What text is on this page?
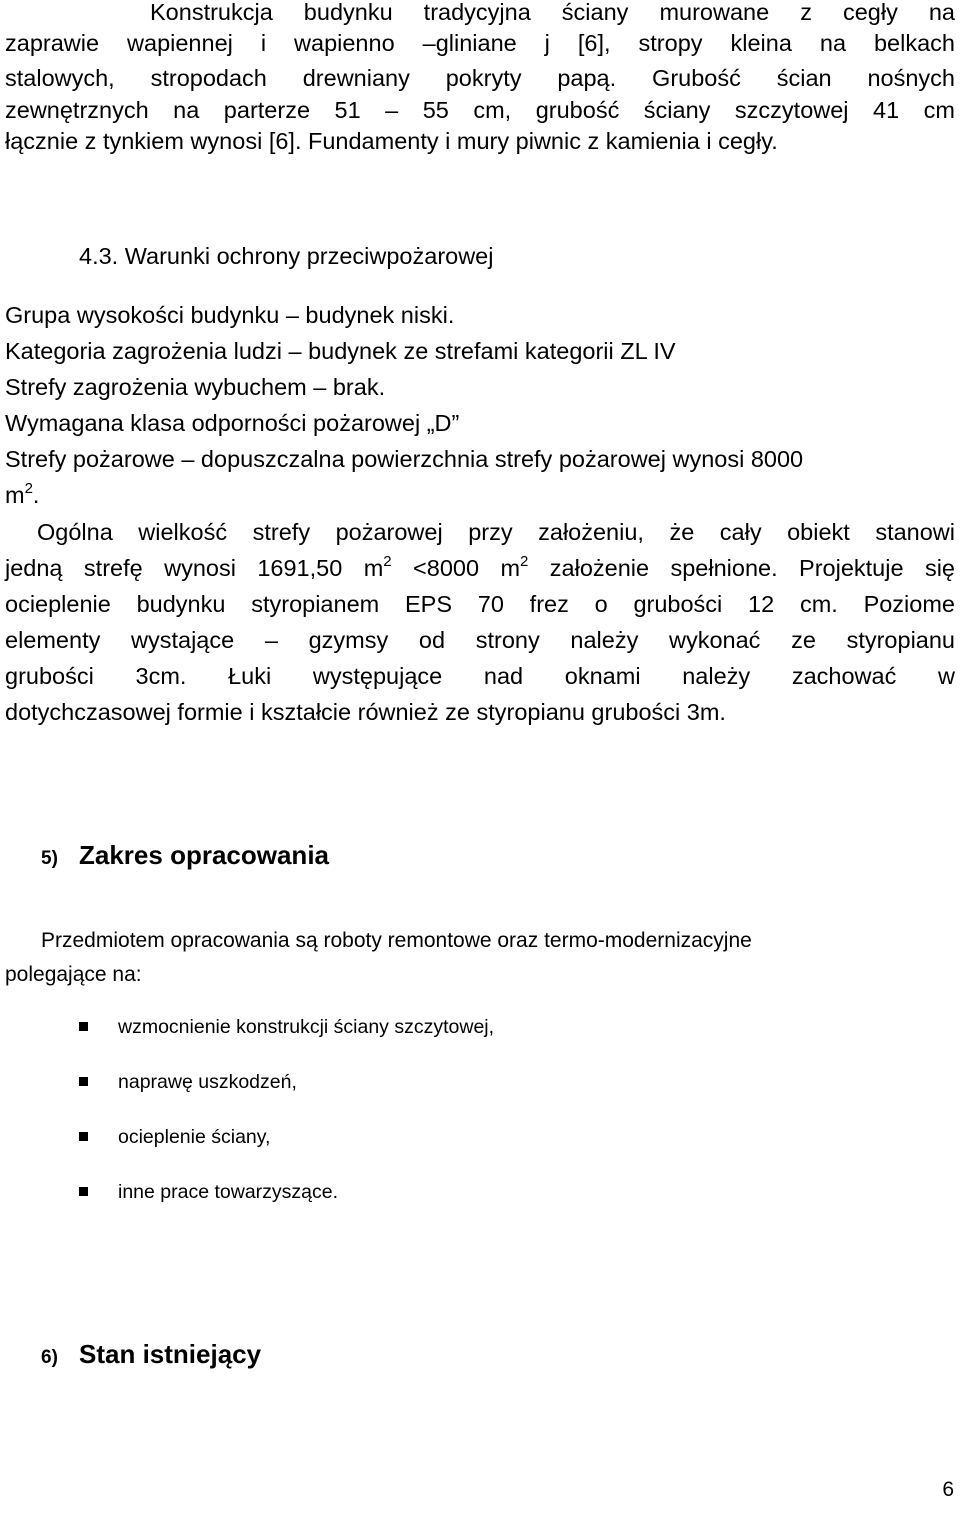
Konstrukcja budynku tradycyjna ściany murowane z cegły na

zaprawie wapiennej i wapienno –gliniane j [6], stropy kleina na belkach

stalowych, stropodach drewniany pokryty papą. Grubość ścian nośnych

zewnętrznych na parterze 51 – 55 cm, grubość ściany szczytowej 41 cm

łącznie z tynkiem wynosi [6]. Fundamenty i mury piwnic z kamienia i cegły.

4.3. Warunki ochrony przeciwpożarowej

Grupa wysokości budynku – budynek niski.

Kategoria zagrożenia ludzi – budynek ze strefami kategorii ZL IV

Strefy zagrożenia wybuchem – brak.

Wymagana klasa odporności pożarowej „D”

Strefy pożarowe – dopuszczalna powierzchnia strefy pożarowej wynosi 8000

$m^2$.

Ogólna wielkość strefy pożarowej przy założeniu, że cały obiekt stanowi

jedną strefę wynosi 1691,50 $m^2 <8000$ $m^2$ założenie spełnione. Projektuje się

ocieplenie budynku styropianem EPS 70 frez o grubości 12 cm. Poziome

elementy wystające – gzymsy od strony należy wykonać ze styropianu

grubości 3cm. Łuki występujące nad oknami należy zachować w

dotychczasowej formie i kształcie również ze styropianu grubości 3m.

5) Zakres opracowania

Przedmiotem opracowania są roboty remontowe oraz termo-modernizacyjne

polegające na:

wzmocnienie konstrukcji ściany szczytowej,
naprawę uszkodzeń,
ocieplenie ściany,
inne prace towarzyszące.
6) Stan istniejący
6
